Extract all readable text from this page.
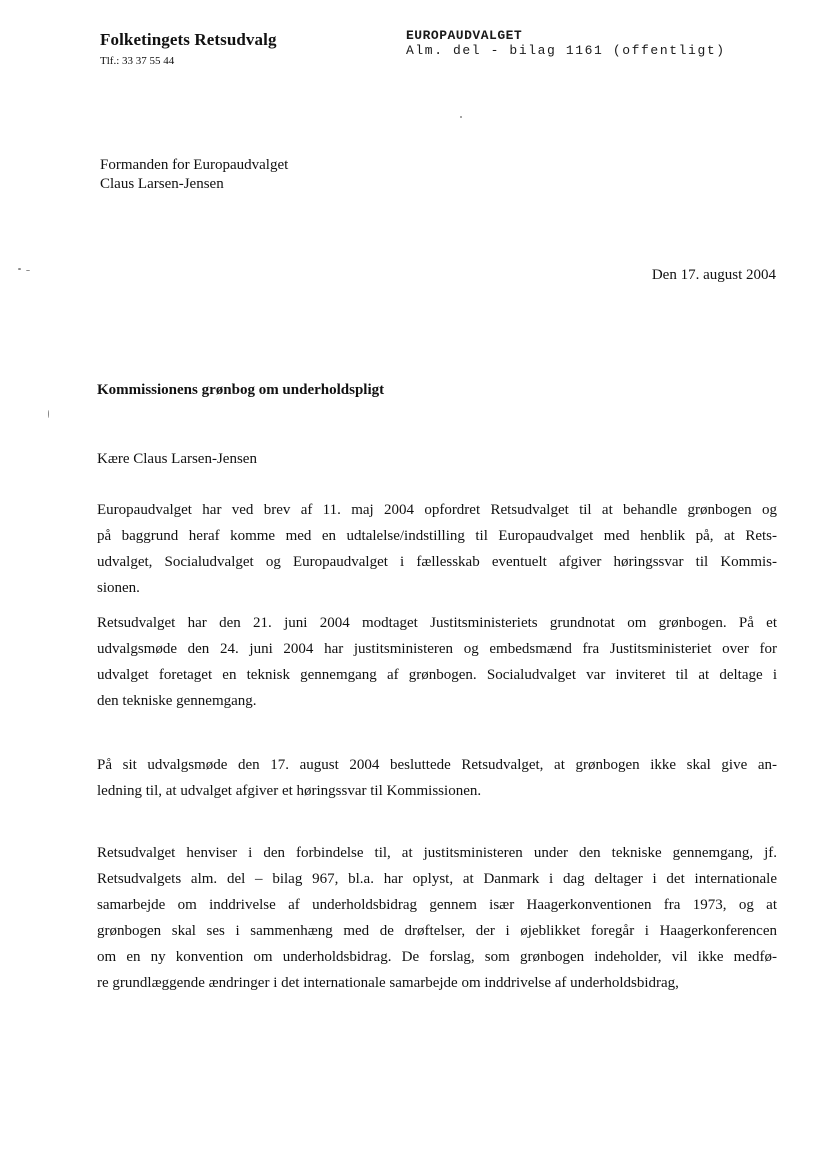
Folketingets Retsudvalg
Tlf.: 33 37 55 44
EUROPAUDVALGET
Alm. del - bilag 1161 (offentligt)
Formanden for Europaudvalget
Claus Larsen-Jensen
Den 17. august 2004
Kommissionens grønbog om underholdspligt
Kære Claus Larsen-Jensen
Europaudvalget har ved brev af 11. maj 2004 opfordret Retsudvalget til at behandle grønbogen og
på baggrund heraf komme med en udtalelse/indstilling til Europaudvalget med henblik på, at Rets-
udvalget, Socialudvalget og Europaudvalget i fællesskab eventuelt afgiver høringssvar til Kommis-
sionen.
Retsudvalget har den 21. juni 2004 modtaget Justitsministeriets grundnotat om grønbogen. På et
udvalgsmøde den 24. juni 2004 har justitsministeren og embedsmænd fra Justitsministeriet over for
udvalget foretaget en teknisk gennemgang af grønbogen. Socialudvalget var inviteret til at deltage i
den tekniske gennemgang.
På sit udvalgsmøde den 17. august 2004 besluttede Retsudvalget, at grønbogen ikke skal give an-
ledning til, at udvalget afgiver et høringssvar til Kommissionen.
Retsudvalget henviser i den forbindelse til, at justitsministeren under den tekniske gennemgang, jf.
Retsudvalgets alm. del – bilag 967, bl.a. har oplyst, at Danmark i dag deltager i det internationale
samarbejde om inddrivelse af underholdsbidrag gennem især Haagerkonventionen fra 1973, og at
grønbogen skal ses i sammenhæng med de drøftelser, der i øjeblikket foregår i Haagerkonferencen
om en ny konvention om underholdsbidrag. De forslag, som grønbogen indeholder, vil ikke medfø-
re grundlæggende ændringer i det internationale samarbejde om inddrivelse af underholdsbidrag,
